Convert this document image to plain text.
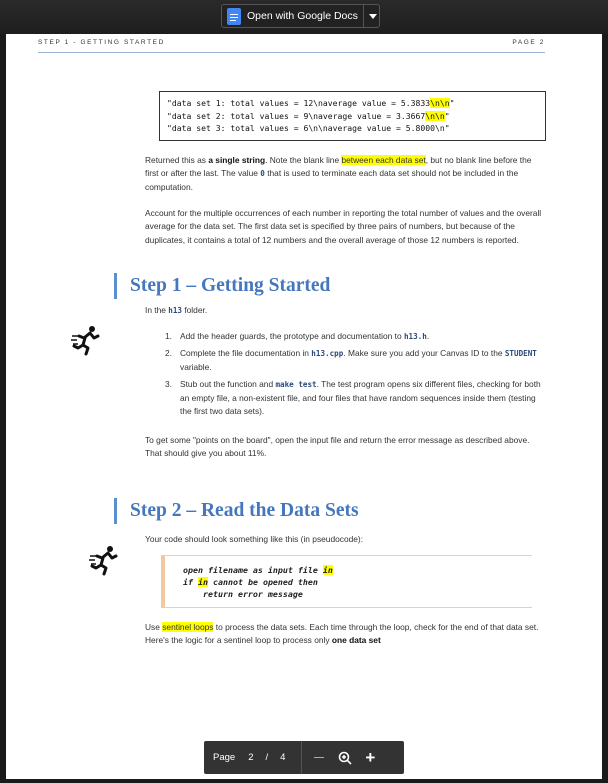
Open with Google Docs
STEP 1 - GETTING STARTED	PAGE 2
"data set 1: total values = 12\naverage value = 5.3833\n\n"
"data set 2: total values = 9\naverage value = 3.3667\n\n"
"data set 3: total values = 6\n\naverage value = 5.8000\n"

Returned this as a single string. Note the blank line between each data set, but no blank line before the first or after the last. The value 0 that is used to terminate each data set should not be included in the computation.

Account for the multiple occurrences of each number in reporting the total number of values and the overall average for the data set. The first data set is specified by three pairs of numbers, but because of the duplicates, it contains a total of 12 numbers and the overall average of those 12 numbers is reported.

Step 1 – Getting Started

In the h13 folder.

1. Add the header guards, the prototype and documentation to h13.h.
2. Complete the file documentation in h13.cpp. Make sure you add your Canvas ID to the STUDENT variable.
3. Stub out the function and make test. The test program opens six different files, checking for both an empty file, a non-existent file, and four files that have random sequences inside them (testing the first two data sets).

To get some "points on the board", open the input file and return the error message as described above. That should give you about 11%.

Step 2 – Read the Data Sets

Your code should look something like this (in pseudocode):

open filename as input file in
if in cannot be opened then
return error message

Use sentinel loops to process the data sets. Each time through the loop, check for the end of that data set. Here's the logic for a sentinel loop to process only one data set

Page 2 / 4	+
